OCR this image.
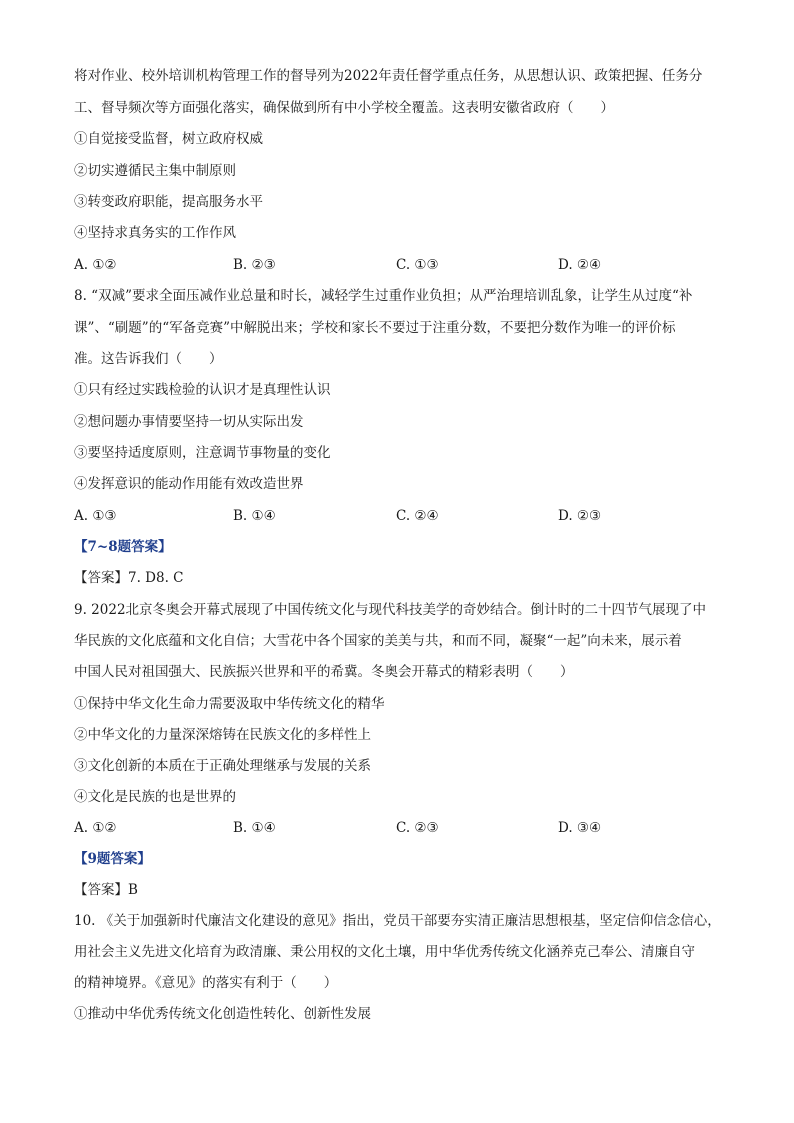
将对作业、校外培训机构管理工作的督导列为2022年责任督学重点任务，从思想认识、政策把握、任务分
工、督导频次等方面强化落实，确保做到所有中小学校全覆盖。这表明安徽省政府（　　）
①自觉接受监督，树立政府权威
②切实遵循民主集中制原则
③转变政府职能，提高服务水平
④坚持求真务实的工作作风
A. ①②	B. ②③	C. ①③	D. ②④
8. “双减”要求全面压减作业总量和时长，减轻学生过重作业负担；从严治理培训乱象，让学生从过度“补
课”、“刷题”的“军备竞赛”中解脱出来；学校和家长不要过于注重分数，不要把分数作为唯一的评价标
准。这告诉我们（　　）
①只有经过实践检验的认识才是真理性认识
②想问题办事情要坚持一切从实际出发
③要坚持适度原则，注意调节事物量的变化
④发挥意识的能动作用能有效改造世界
A. ①③	B. ①④	C. ②④	D. ②③
【7~8题答案】
【答案】7. D8. C
9. 2022北京冬奥会开幕式展现了中国传统文化与现代科技美学的奇妙结合。倒计时的二十四节气展现了中
华民族的文化底蕴和文化自信；大雪花中各个国家的美美与共，和而不同，凝聚“一起”向未来，展示着
中国人民对祖国强大、民族振兴世界和平的希冀。冬奥会开幕式的精彩表明（　　）
①保持中华文化生命力需要汲取中华传统文化的精华
②中华文化的力量深深熔铸在民族文化的多样性上
③文化创新的本质在于正确处理继承与发展的关系
④文化是民族的也是世界的
A. ①②	B. ①④	C. ②③	D. ③④
【9题答案】
【答案】B
10. 《关于加强新时代廉洁文化建设的意见》指出，党员干部要夯实清正廉洁思想根基，坚定信仰信念信心，
用社会主义先进文化培育为政清廉、秉公用权的文化土壤，用中华优秀传统文化涵养克己奉公、清廉自守
的精神境界。《意见》的落实有利于（　　）
①推动中华优秀传统文化创造性转化、创新性发展
